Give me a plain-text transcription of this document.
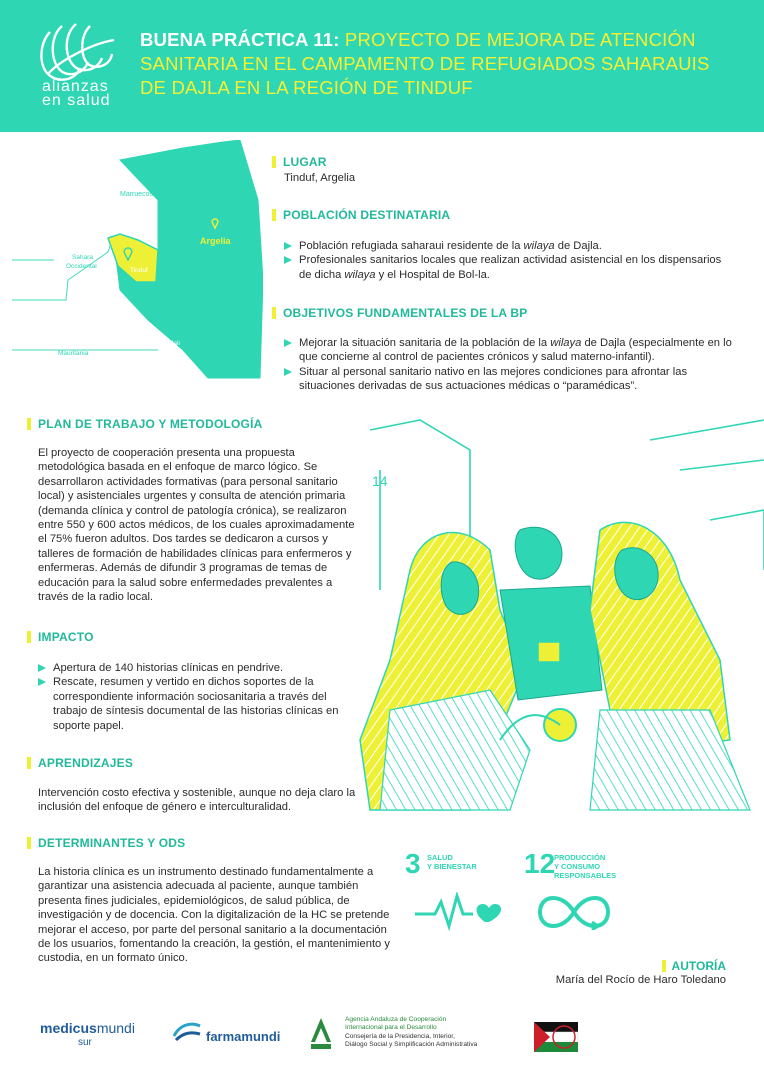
alianzas
en salud
BUENA PRÁCTICA 11: PROYECTO DE MEJORA DE ATENCIÓN SANITARIA EN EL CAMPAMENTO DE REFUGIADOS SAHARAUIS DE DAJLA EN LA REGIÓN DE TINDUF
Marruecos
Argelia
Sahara
Occidental
Tinduf
Mali
Mauritania
LUGAR
Tinduf, Argelia
POBLACIÓN DESTINATARIA
Población refugiada saharaui residente de la wilaya de Dajla.
Profesionales sanitarios locales que realizan actividad asistencial en los dispensarios de dicha wilaya y el Hospital de Bol-la.
OBJETIVOS FUNDAMENTALES DE LA BP
Mejorar la situación sanitaria de la población de la wilaya de Dajla (especialmente en lo que concierne al control de pacientes crónicos y salud materno-infantil).
Situar al personal sanitario nativo en las mejores condiciones para afrontar las situaciones derivadas de sus actuaciones médicas o “paramédicas”.
14
PLAN DE TRABAJO Y METODOLOGÍA
El proyecto de cooperación presenta una propuesta metodológica basada en el enfoque de marco lógico. Se desarrollaron actividades formativas (para personal sanitario local) y asistenciales urgentes y consulta de atención primaria (demanda clínica y control de patología crónica), se realizaron entre 550 y 600 actos médicos, de los cuales aproximadamente el 75% fueron adultos. Dos tardes se dedicaron a cursos y talleres de formación de habilidades clínicas para enfermeros y enfermeras. Además de difundir 3 programas de temas de educación para la salud sobre enfermedades prevalentes a través de la radio local.
IMPACTO
Apertura de 140 historias clínicas en pendrive.
Rescate, resumen y vertido en dichos soportes de la correspondiente información sociosanitaria a través del trabajo de síntesis documental de las historias clínicas en soporte papel.
APRENDIZAJES
Intervención costo efectiva y sostenible, aunque no deja claro la inclusión del enfoque de género e interculturalidad.
DETERMINANTES Y ODS
La historia clínica es un instrumento destinado fundamentalmente a garantizar una asistencia adecuada al paciente, aunque también presenta fines judiciales, epidemiológicos, de salud pública, de investigación y de docencia. Con la digitalización de la HC se pretende mejorar el acceso, por parte del personal sanitario a la documentación de los usuarios, fomentando la creación, la gestión, el mantenimiento y custodia, en un formato único.
3 SALUD
Y BIENESTAR 12
PRODUCCIÓN
Y CONSUMO
RESPONSABLES
AUTORÍA
María del Rocío de Haro Toledano
medicusmundi
sur	farmamundi
Agencia Andaluza de Cooperación
Internacional para el Desarrollo
Consejería de la Presidencia, Interior,
Diálogo Social y Simplificación Administrativa
